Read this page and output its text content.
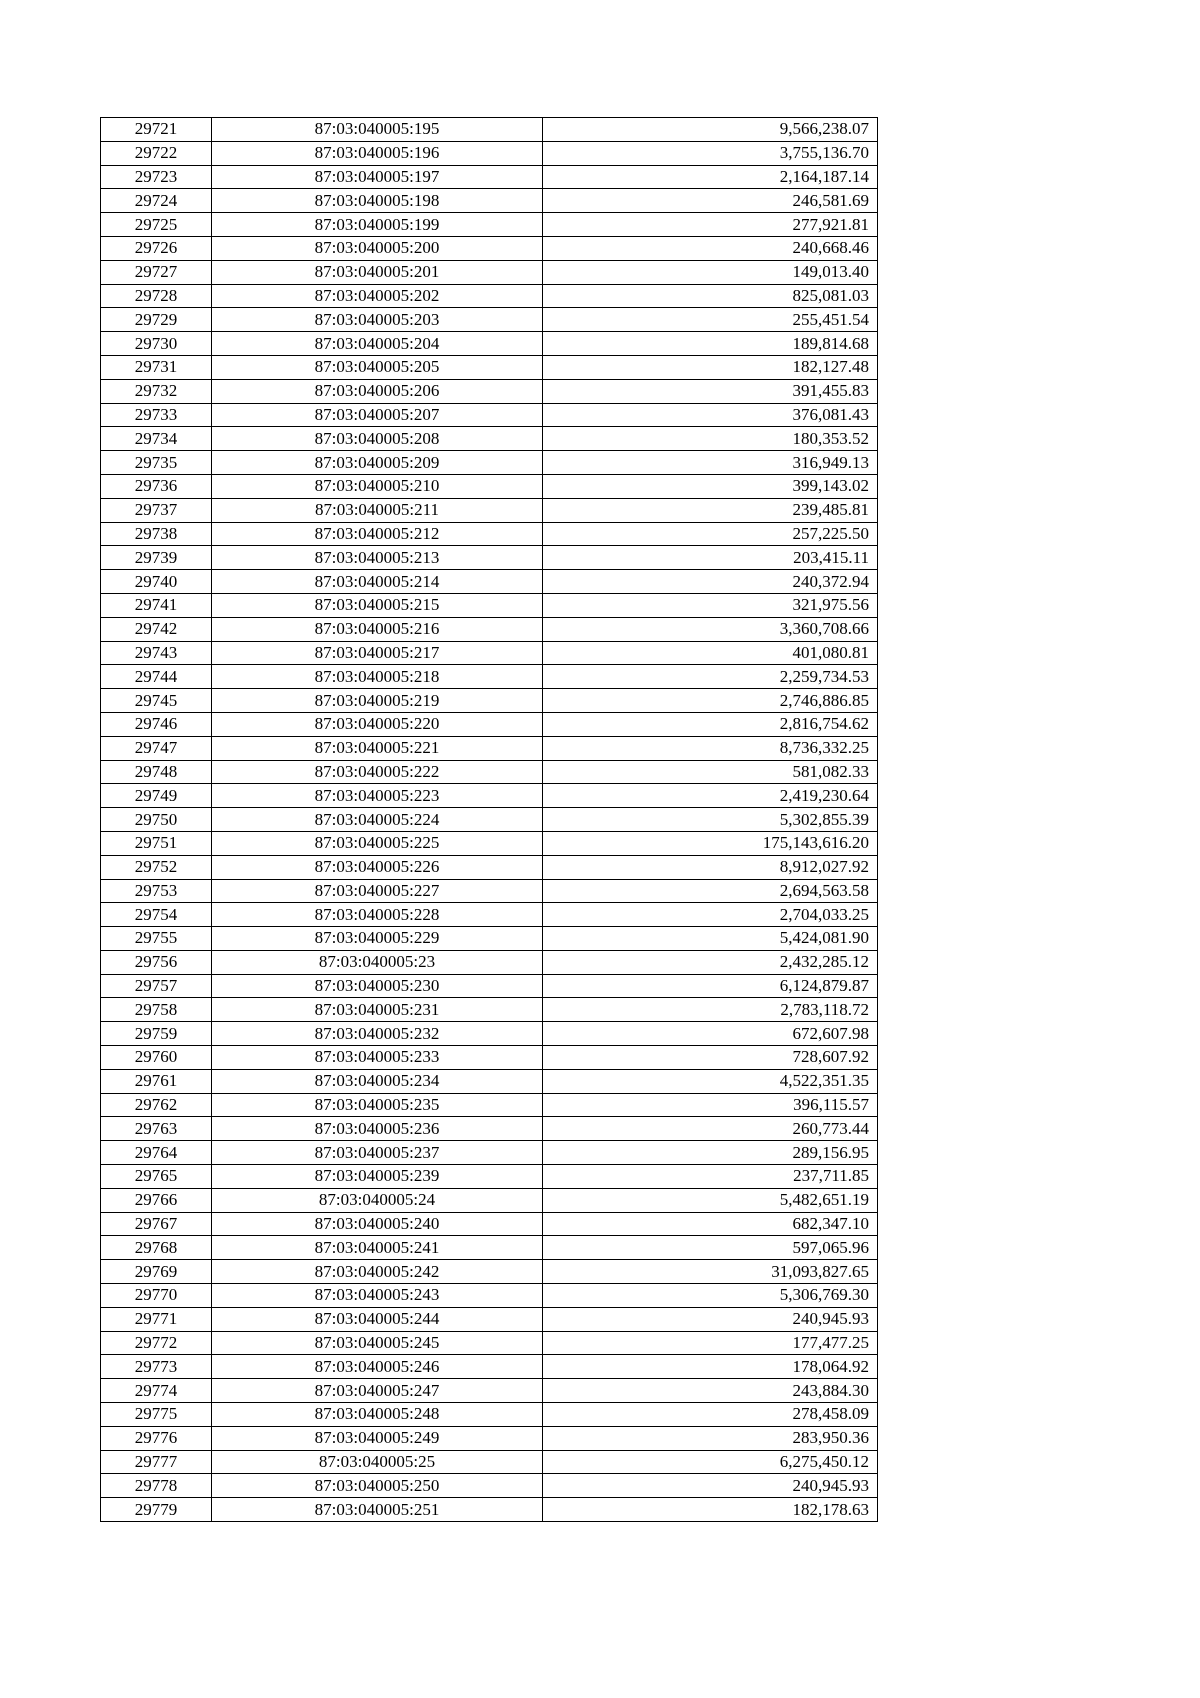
29721	87:03:040005:195	9,566,238.07
29722	87:03:040005:196	3,755,136.70
29723	87:03:040005:197	2,164,187.14
29724	87:03:040005:198	246,581.69
29725	87:03:040005:199	277,921.81
29726	87:03:040005:200	240,668.46
29727	87:03:040005:201	149,013.40
29728	87:03:040005:202	825,081.03
29729	87:03:040005:203	255,451.54
29730	87:03:040005:204	189,814.68
29731	87:03:040005:205	182,127.48
29732	87:03:040005:206	391,455.83
29733	87:03:040005:207	376,081.43
29734	87:03:040005:208	180,353.52
29735	87:03:040005:209	316,949.13
29736	87:03:040005:210	399,143.02
29737	87:03:040005:211	239,485.81
29738	87:03:040005:212	257,225.50
29739	87:03:040005:213	203,415.11
29740	87:03:040005:214	240,372.94
29741	87:03:040005:215	321,975.56
29742	87:03:040005:216	3,360,708.66
29743	87:03:040005:217	401,080.81
29744	87:03:040005:218	2,259,734.53
29745	87:03:040005:219	2,746,886.85
29746	87:03:040005:220	2,816,754.62
29747	87:03:040005:221	8,736,332.25
29748	87:03:040005:222	581,082.33
29749	87:03:040005:223	2,419,230.64
29750	87:03:040005:224	5,302,855.39
29751	87:03:040005:225	175,143,616.20
29752	87:03:040005:226	8,912,027.92
29753	87:03:040005:227	2,694,563.58
29754	87:03:040005:228	2,704,033.25
29755	87:03:040005:229	5,424,081.90
29756	87:03:040005:23	2,432,285.12
29757	87:03:040005:230	6,124,879.87
29758	87:03:040005:231	2,783,118.72
29759	87:03:040005:232	672,607.98
29760	87:03:040005:233	728,607.92
29761	87:03:040005:234	4,522,351.35
29762	87:03:040005:235	396,115.57
29763	87:03:040005:236	260,773.44
29764	87:03:040005:237	289,156.95
29765	87:03:040005:239	237,711.85
29766	87:03:040005:24	5,482,651.19
29767	87:03:040005:240	682,347.10
29768	87:03:040005:241	597,065.96
29769	87:03:040005:242	31,093,827.65
29770	87:03:040005:243	5,306,769.30
29771	87:03:040005:244	240,945.93
29772	87:03:040005:245	177,477.25
29773	87:03:040005:246	178,064.92
29774	87:03:040005:247	243,884.30
29775	87:03:040005:248	278,458.09
29776	87:03:040005:249	283,950.36
29777	87:03:040005:25	6,275,450.12
29778	87:03:040005:250	240,945.93
29779	87:03:040005:251	182,178.63
